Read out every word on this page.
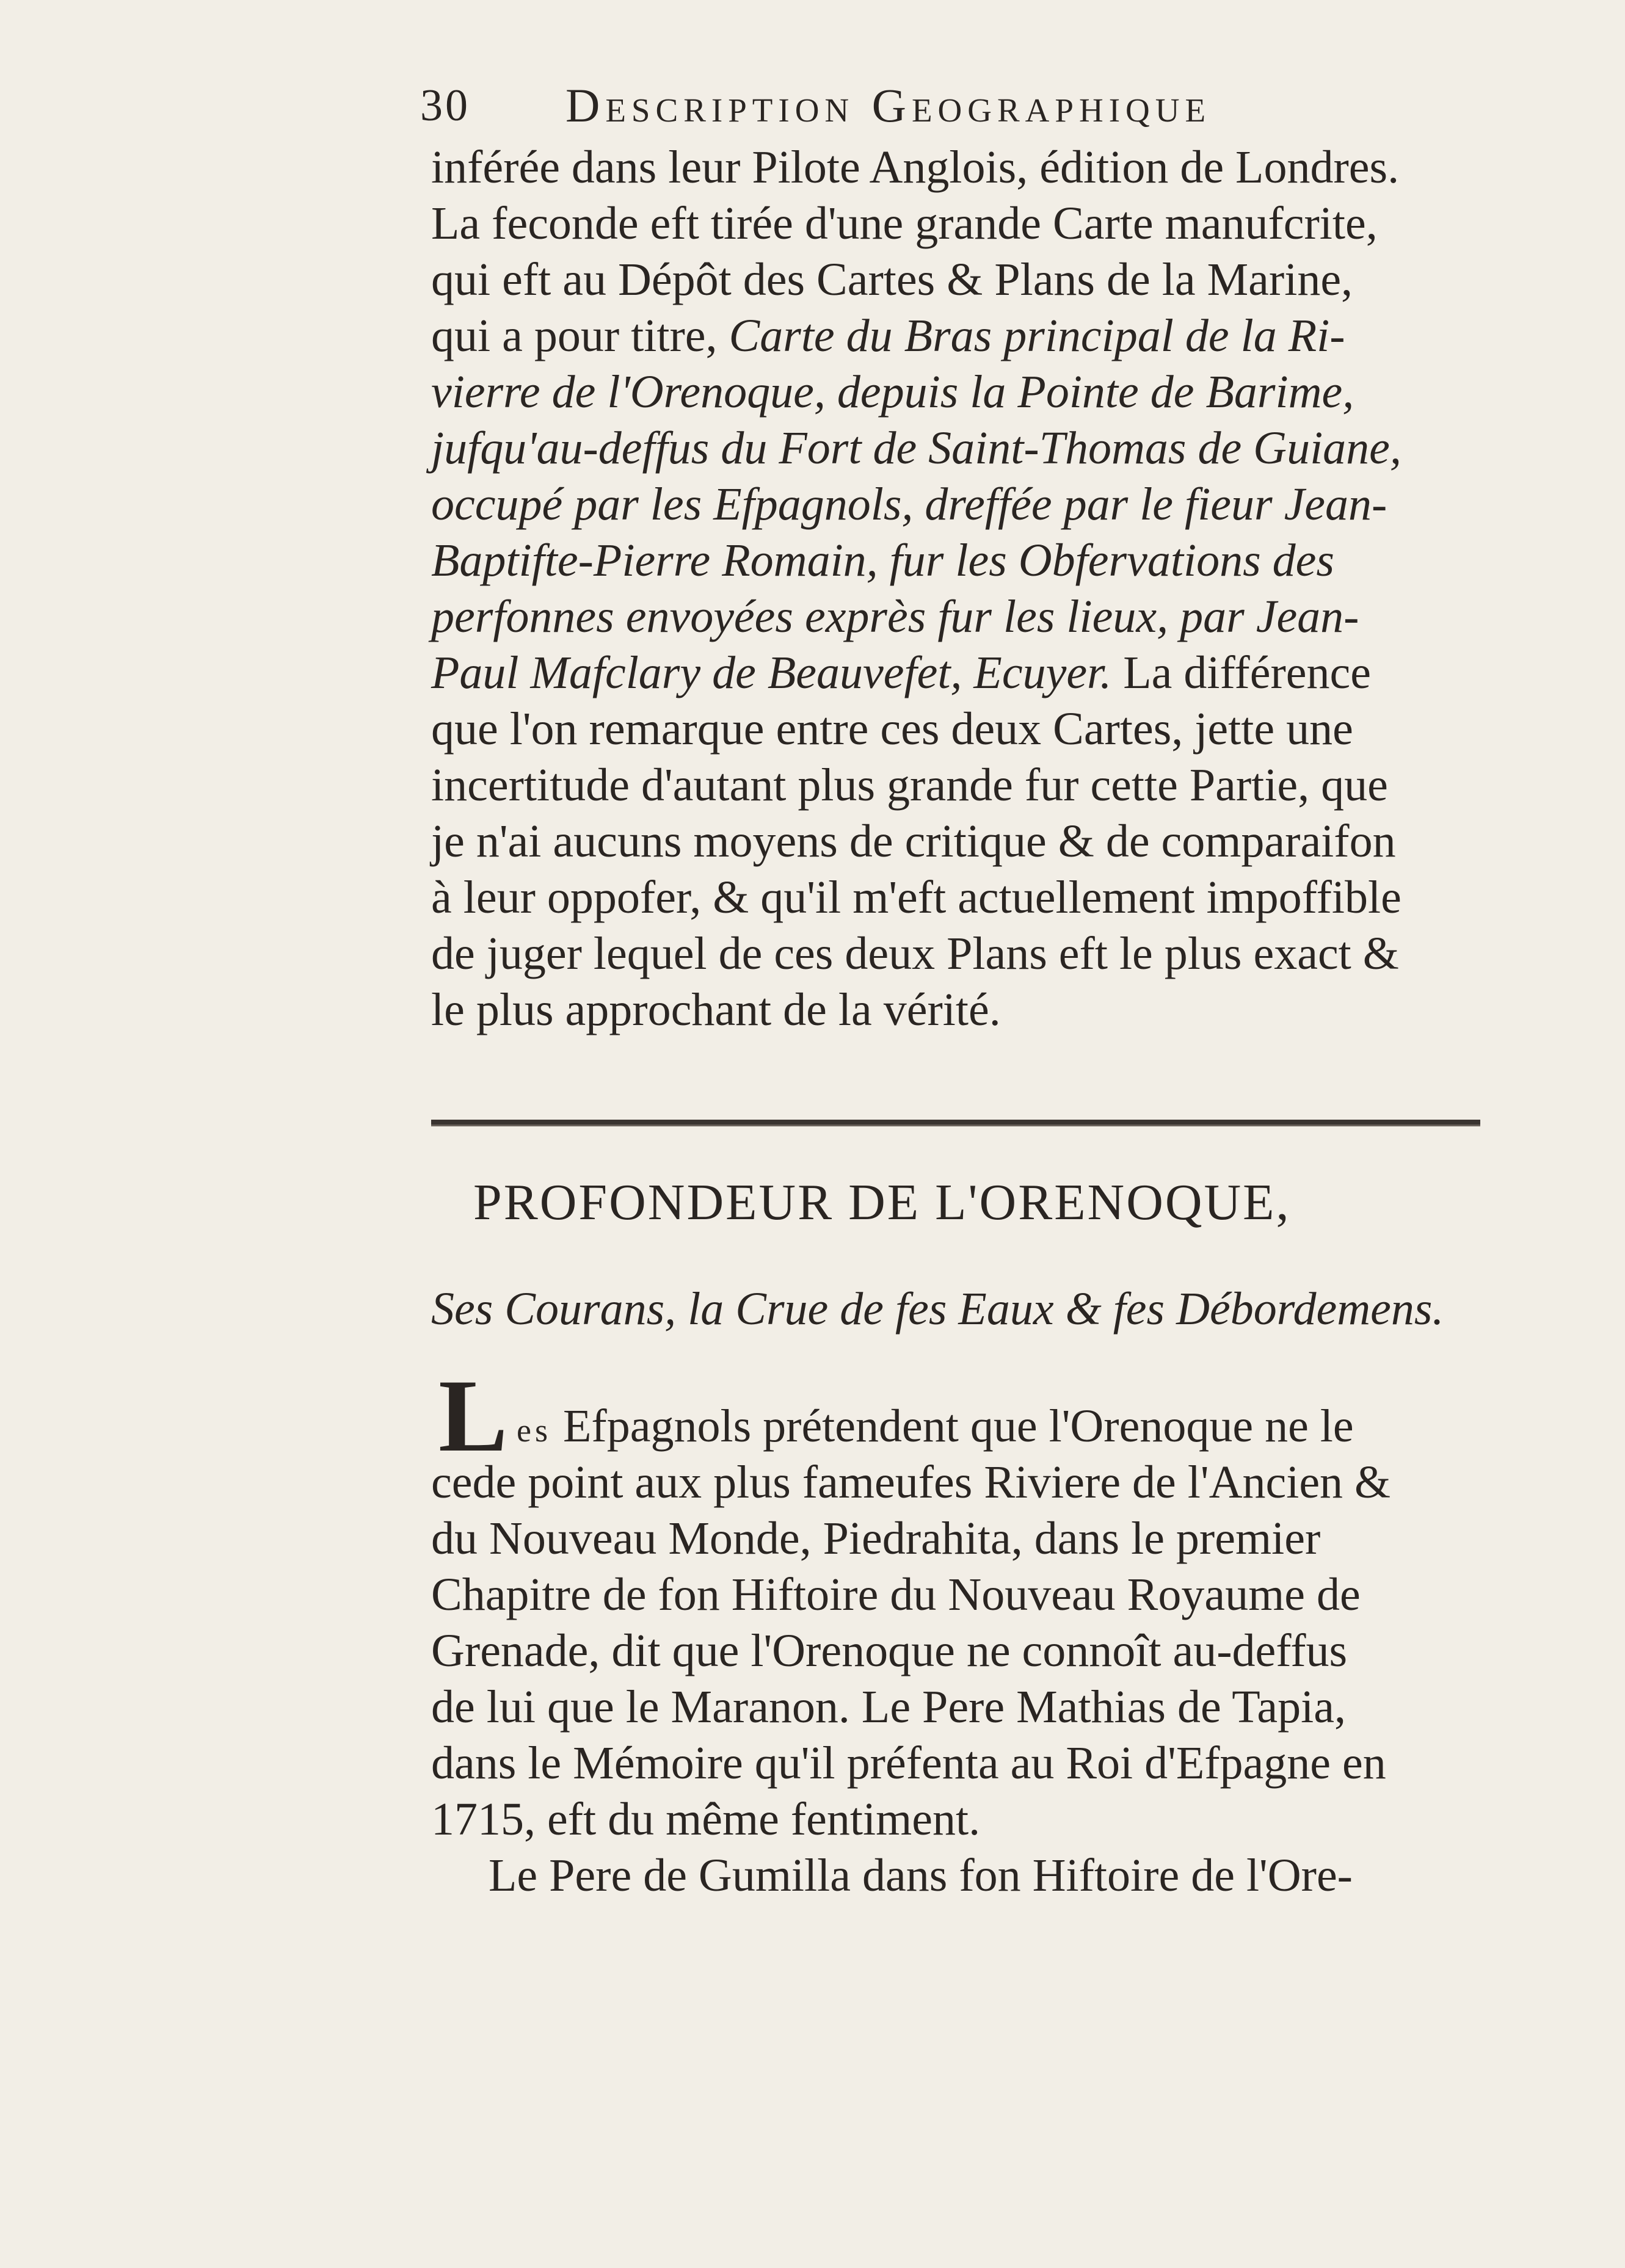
30 Description Geographique
inférée dans leur Pilote Anglois, édition de Londres.
La feconde eft tirée d'une grande Carte manufcrite,
qui eft au Dépôt des Cartes & Plans de la Marine,
qui a pour titre, Carte du Bras principal de la Ri-
vierre de l'Orenoque, depuis la Pointe de Barime,
jufqu'au-deffus du Fort de Saint-Thomas de Guiane,
occupé par les Efpagnols, dreffée par le fieur Jean-
Baptifte-Pierre Romain, fur les Obfervations des
perfonnes envoyées exprès fur les lieux, par Jean-
Paul Mafclary de Beauvefet, Ecuyer. La différence
que l'on remarque entre ces deux Cartes, jette une
incertitude d'autant plus grande fur cette Partie, que
je n'ai aucuns moyens de critique & de comparaifon
à leur oppofer, & qu'il m'eft actuellement impoffible
de juger lequel de ces deux Plans eft le plus exact &
le plus approchant de la vérité.
PROFONDEUR DE L'ORENOQUE,
Ses Courans, la Crue de fes Eaux & fes Débordemens.
L es Efpagnols prétendent que l'Orenoque ne le
cede point aux plus fameufes Riviere de l'Ancien &
du Nouveau Monde, Piedrahita, dans le premier
Chapitre de fon Hiftoire du Nouveau Royaume de
Grenade, dit que l'Orenoque ne connoît au-deffus
de lui que le Maranon. Le Pere Mathias de Tapia,
dans le Mémoire qu'il préfenta au Roi d'Efpagne en
1715, eft du même fentiment.
Le Pere de Gumilla dans fon Hiftoire de l'Ore-
